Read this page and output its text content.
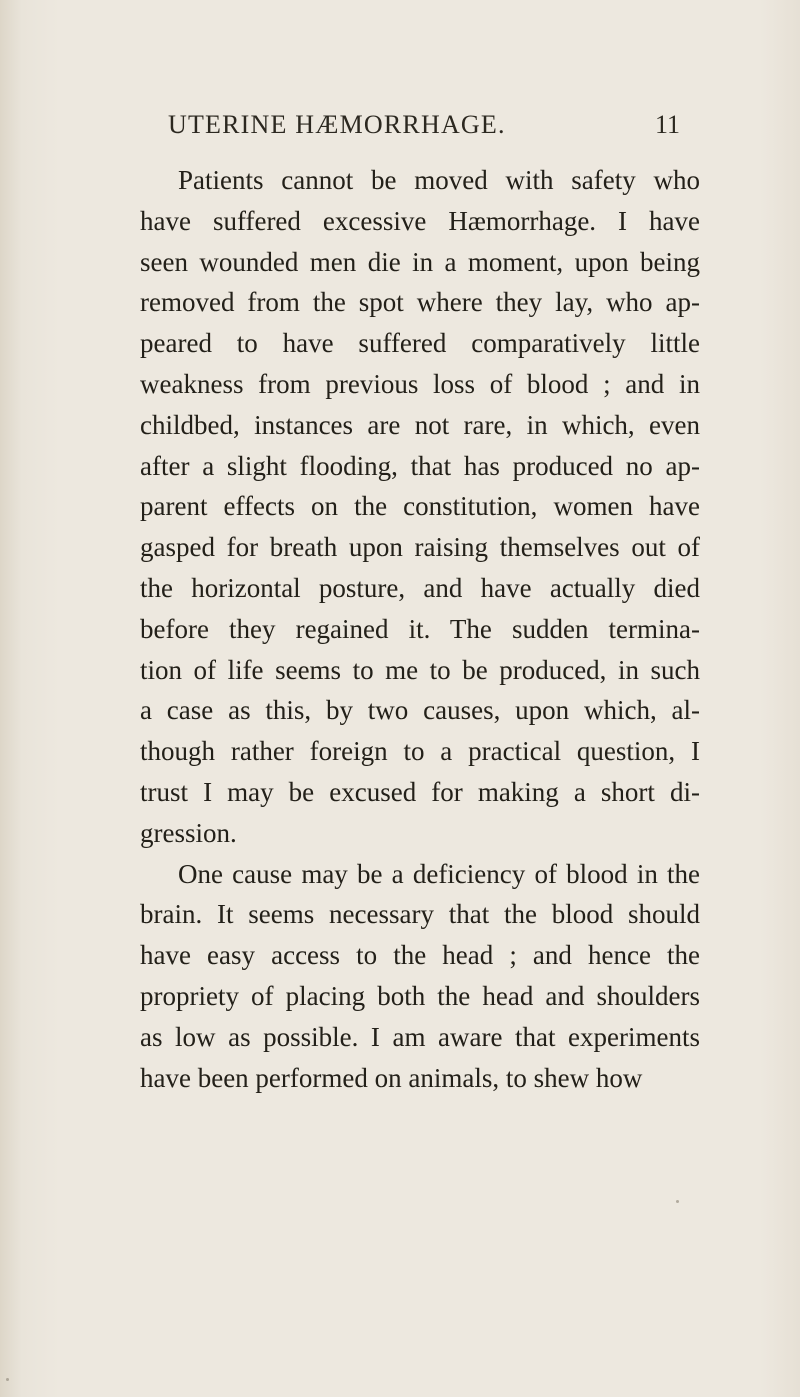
UTERINE HÆMORRHAGE.	11

Patients cannot be moved with safety who
have suffered excessive Hæmorrhage. I have
seen wounded men die in a moment, upon being
removed from the spot where they lay, who ap-
peared to have suffered comparatively little
weakness from previous loss of blood ; and in
childbed, instances are not rare, in which, even
after a slight flooding, that has produced no ap-
parent effects on the constitution, women have
gasped for breath upon raising themselves out of
the horizontal posture, and have actually died
before they regained it. The sudden termina-
tion of life seems to me to be produced, in such
a case as this, by two causes, upon which, al-
though rather foreign to a practical question, I
trust I may be excused for making a short di-
gression.

One cause may be a deficiency of blood in the
brain. It seems necessary that the blood should
have easy access to the head ; and hence the
propriety of placing both the head and shoulders
as low as possible. I am aware that experiments
have been performed on animals, to shew how
